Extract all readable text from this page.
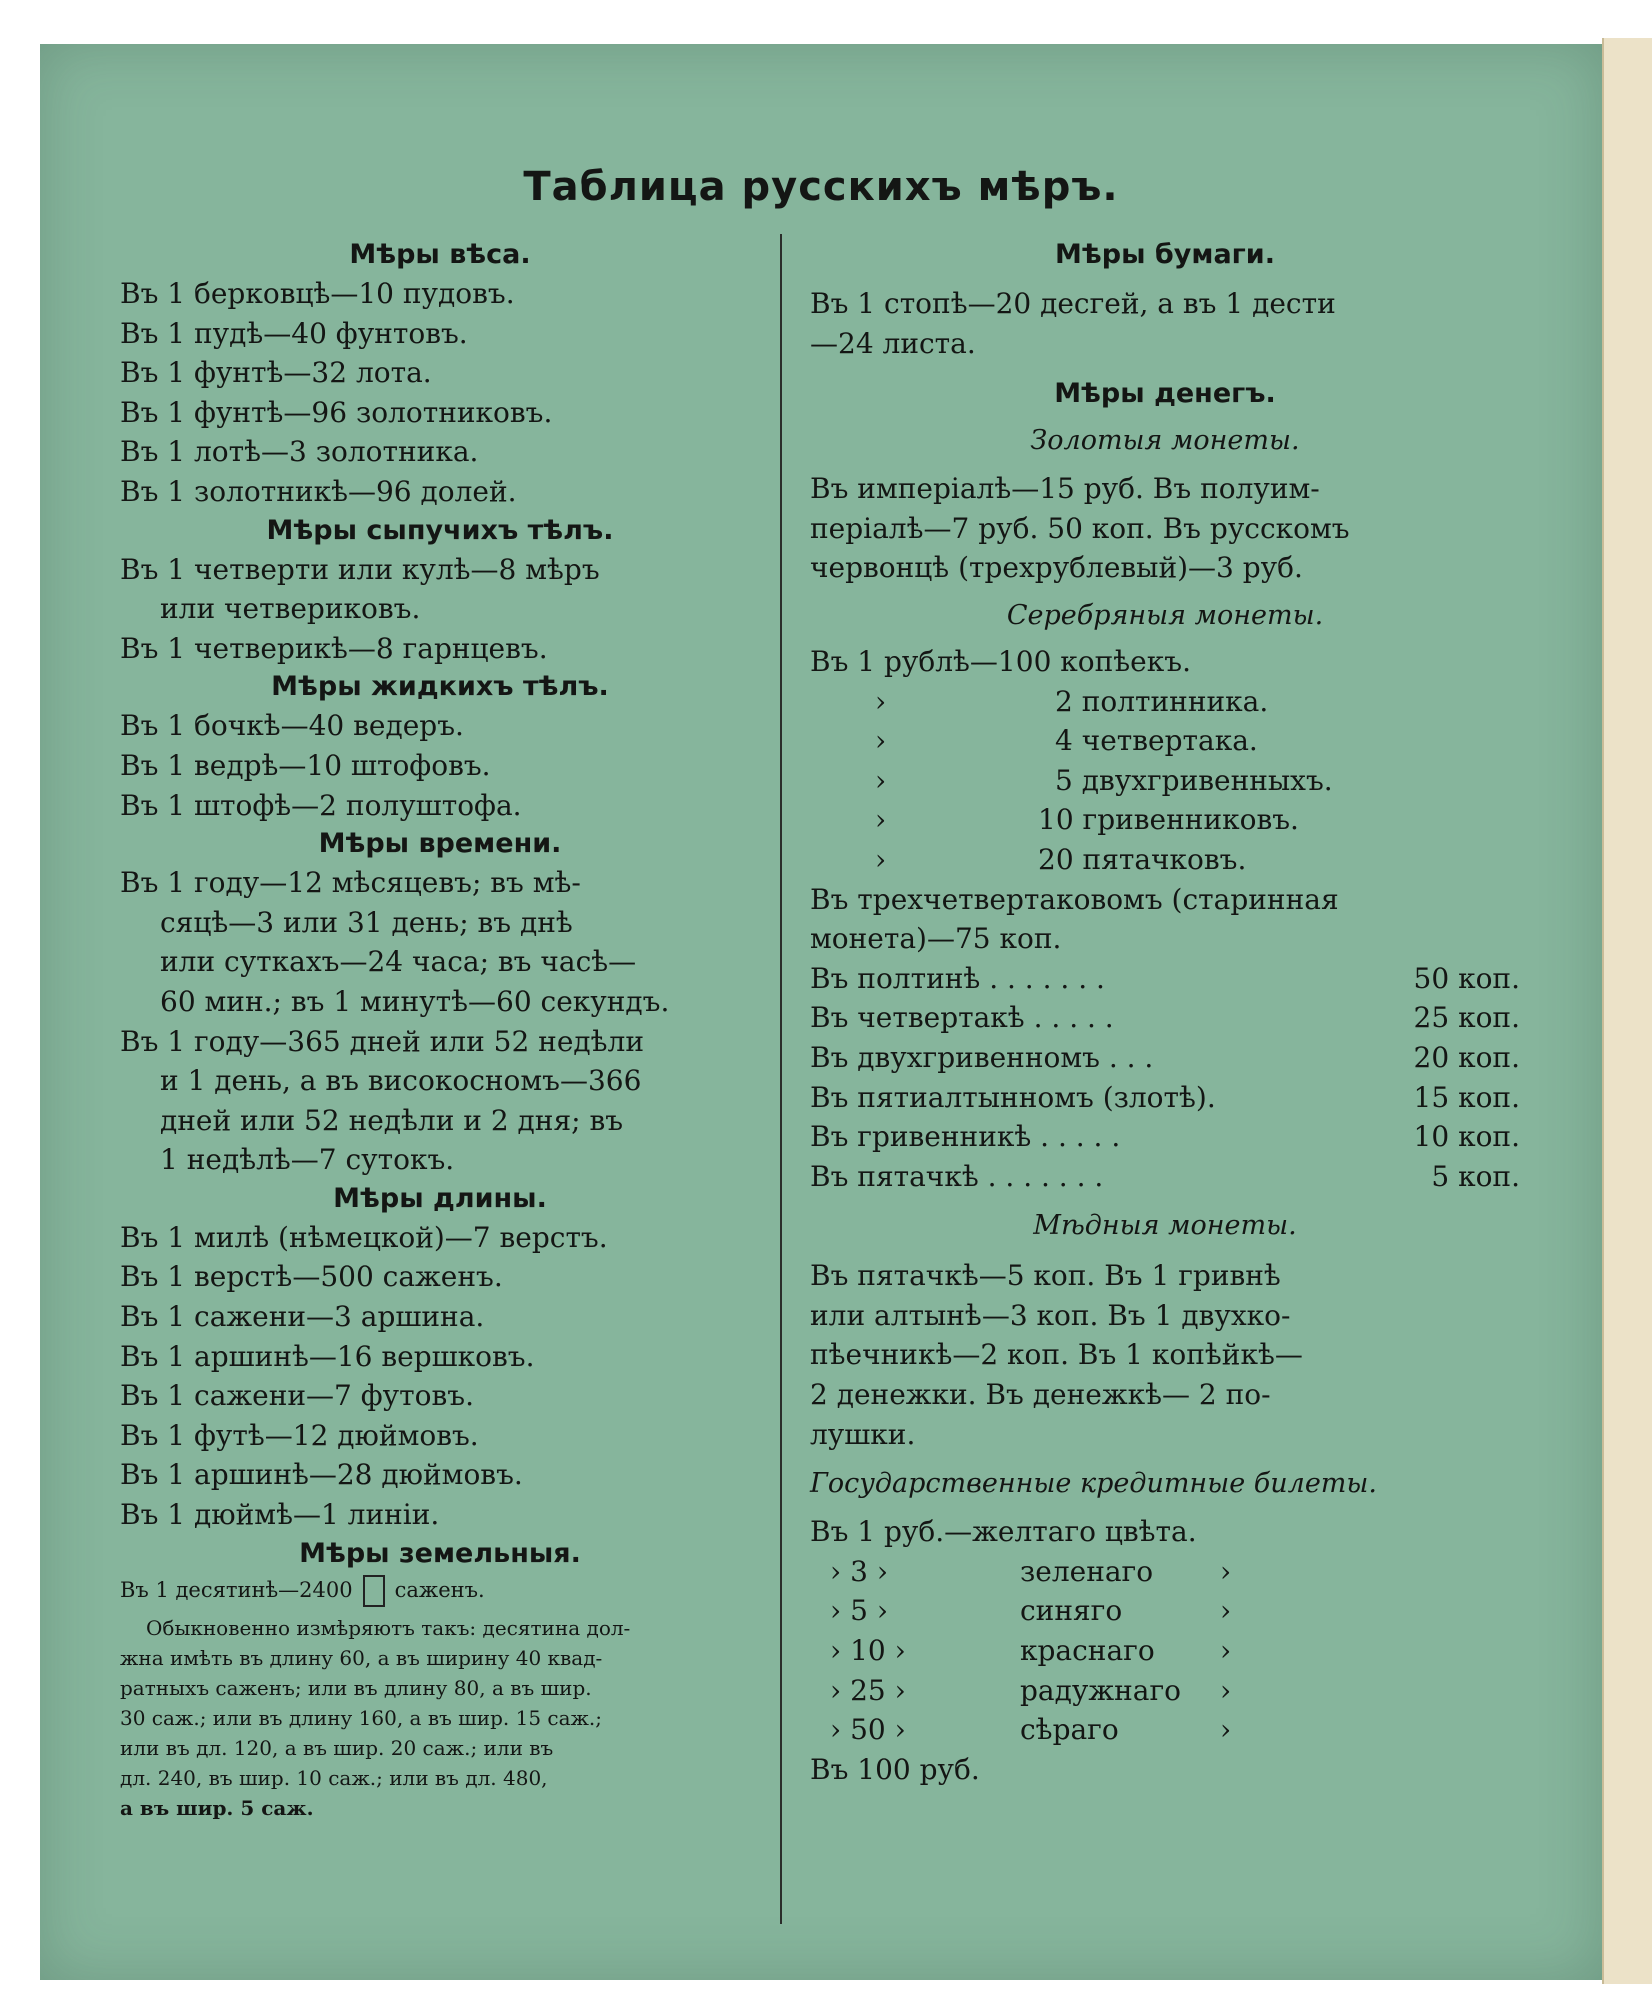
Таблица русскихъ мѣръ.
Мѣры вѣса.
Въ 1 берковцѣ—10 пудовъ.
Въ 1 пудѣ—40 фунтовъ.
Въ 1 фунтѣ—32 лота.
Въ 1 фунтѣ—96 золотниковъ.
Въ 1 лотѣ—3 золотника.
Въ 1 золотникѣ—96 долей.
Мѣры сыпучихъ тѣлъ.
Въ 1 четверти или кулѣ—8 мѣръ
или четвериковъ.
Въ 1 четверикѣ—8 гарнцевъ.
Мѣры жидкихъ тѣлъ.
Въ 1 бочкѣ—40 ведеръ.
Въ 1 ведрѣ—10 штофовъ.
Въ 1 штофѣ—2 полуштофа.
Мѣры времени.
Въ 1 году—12 мѣсяцевъ; въ мѣ-
сяцѣ—3 или 31 день; въ днѣ
или суткахъ—24 часа; въ часѣ—
60 мин.; въ 1 минутѣ—60 секундъ.
Въ 1 году—365 дней или 52 недѣли
и 1 день, а въ високосномъ—366
дней или 52 недѣли и 2 дня; въ
1 недѣлѣ—7 сутокъ.
Мѣры длины.
Въ 1 милѣ (нѣмецкой)—7 верстъ.
Въ 1 верстѣ—500 саженъ.
Въ 1 сажени—3 аршина.
Въ 1 аршинѣ—16 вершковъ.
Въ 1 сажени—7 футовъ.
Въ 1 футѣ—12 дюймовъ.
Въ 1 аршинѣ—28 дюймовъ.
Въ 1 дюймѣ—1 линiи.
Мѣры земельныя.
Въ 1 десятинѣ—2400 саженъ.
Обыкновенно измѣряютъ такъ: десятина дол-
жна имѣть въ длину 60, а въ ширину 40 квад-
ратныхъ саженъ; или въ длину 80, а въ шир.
30 саж.; или въ длину 160, а въ шир. 15 саж.;
или въ дл. 120, а въ шир. 20 саж.; или въ
дл. 240, въ шир. 10 саж.; или въ дл. 480,
а въ шир. 5 саж.
Мѣры бумаги.
Въ 1 стопѣ—20 десгей, а въ 1 дести
—24 листа.
Мѣры денегъ.
Золотыя монеты.
Въ имперiалѣ—15 руб. Въ полуим-
перiалѣ—7 руб. 50 коп. Въ русскомъ
червонцѣ (трехрублевый)—3 руб.
Серебряныя монеты.
Въ 1 рублѣ—100 копѣекъ.
›	2 полтинника.
›	4 четвертака.
›	5 двухгривенныхъ.
›	10 гривенниковъ.
›	20 пятачковъ.
Въ трехчетвертаковомъ (старинная
монета)—75 коп.
Въ полтинѣ . . . . . . .	50 коп.
Въ четвертакѣ . . . . .	25 коп.
Въ двухгривенномъ . . .	20 коп.
Въ пятиалтынномъ (злотѣ).	15 коп.
Въ гривенникѣ . . . . .	10 коп.
Въ пятачкѣ . . . . . . .	5 коп.
Мѣдныя монеты.
Въ пятачкѣ—5 коп. Въ 1 гривнѣ
или алтынѣ—3 коп. Въ 1 двухко-
пѣечникѣ—2 коп. Въ 1 копѣйкѣ—
2 денежки. Въ денежкѣ— 2 по-
лушки.
Государственные кредитные билеты.
Въ 1 руб.—желтаго цвѣта.
› 3 ›	зеленаго	›
› 5 ›	синяго	›
› 10 ›	краснаго	›
› 25 ›	радужнаго	›
› 50 ›	сѣраго	›
Въ 100 руб.
